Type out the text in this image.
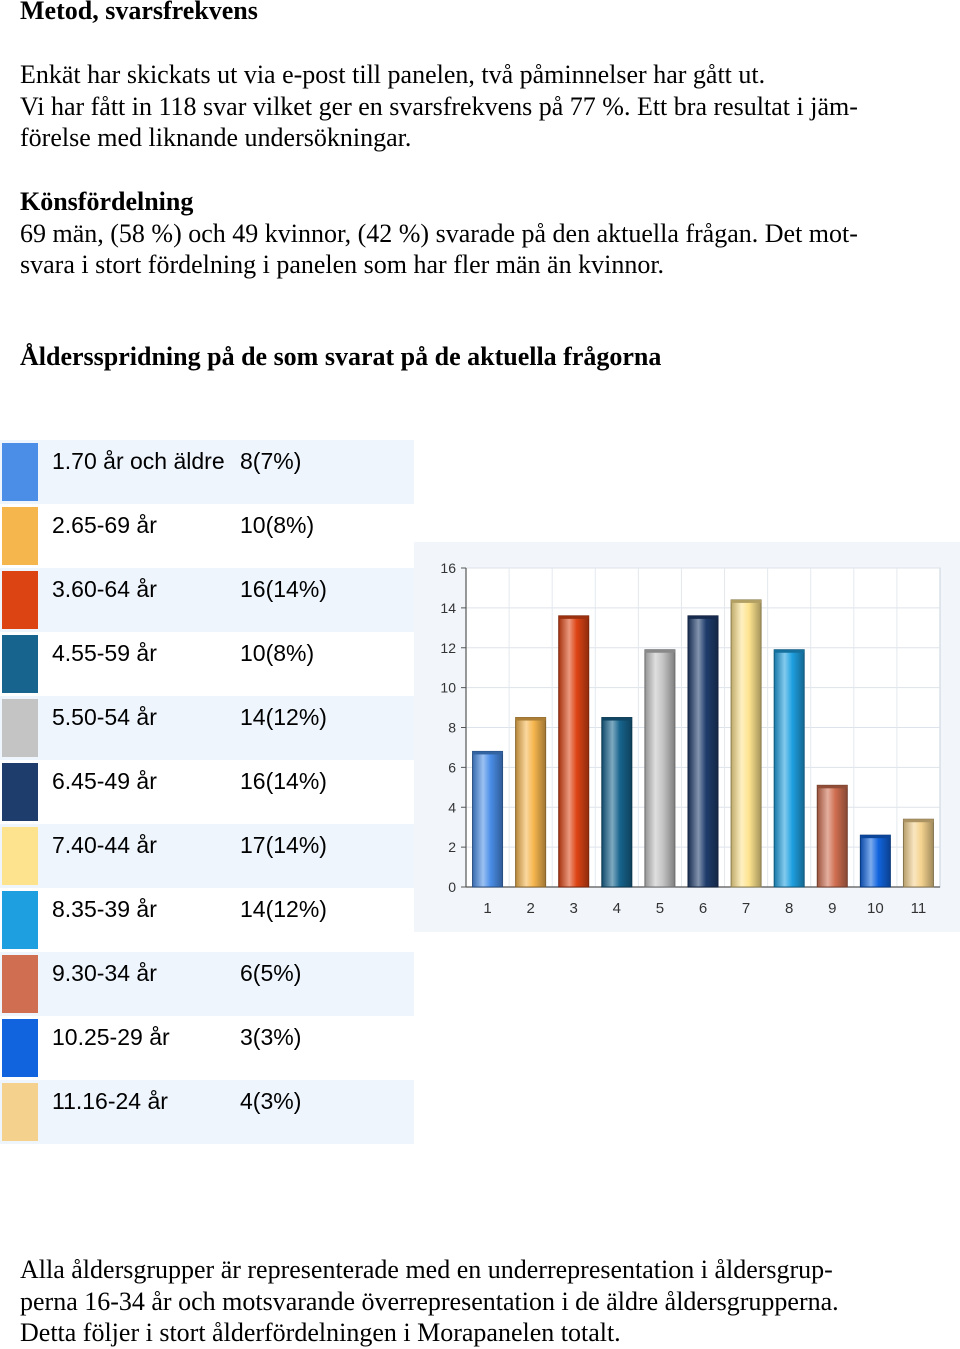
Metod, svarsfrekvens
Enkät har skickats ut via e-post till panelen, två påminnelser har gått ut.
Vi har fått in 118 svar vilket ger en svarsfrekvens på 77 %. Ett bra resultat i jäm-
förelse med liknande undersökningar.
Könsfördelning
69 män, (58 %) och 49 kvinnor, (42 %) svarade på den aktuella frågan. Det mot-
svara i stort fördelning i panelen som har fler män än kvinnor.
Åldersspridning på de som svarat på de aktuella frågorna
1.70 år och äldre 8(7%)
2.65-69 år	10(8%)
3.60-64 år	16(14%)
4.55-59 år	10(8%)
5.50-54 år	14(12%)
6.45-49 år	16(14%)
7.40-44 år	17(14%)
8.35-39 år	14(12%)
9.30-34 år	6(5%)
10.25-29 år	3(3%)
11.16-24 år	4(3%)
0
2
4
6
8
10
12
14
16
1 2 3 4 5 6 7 8 9 10 11
Alla åldersgrupper är representerade med en underrepresentation i åldersgrup-
perna 16-34 år och motsvarande överrepresentation i de äldre åldersgrupperna.
Detta följer i stort ålderfördelningen i Morapanelen totalt.
